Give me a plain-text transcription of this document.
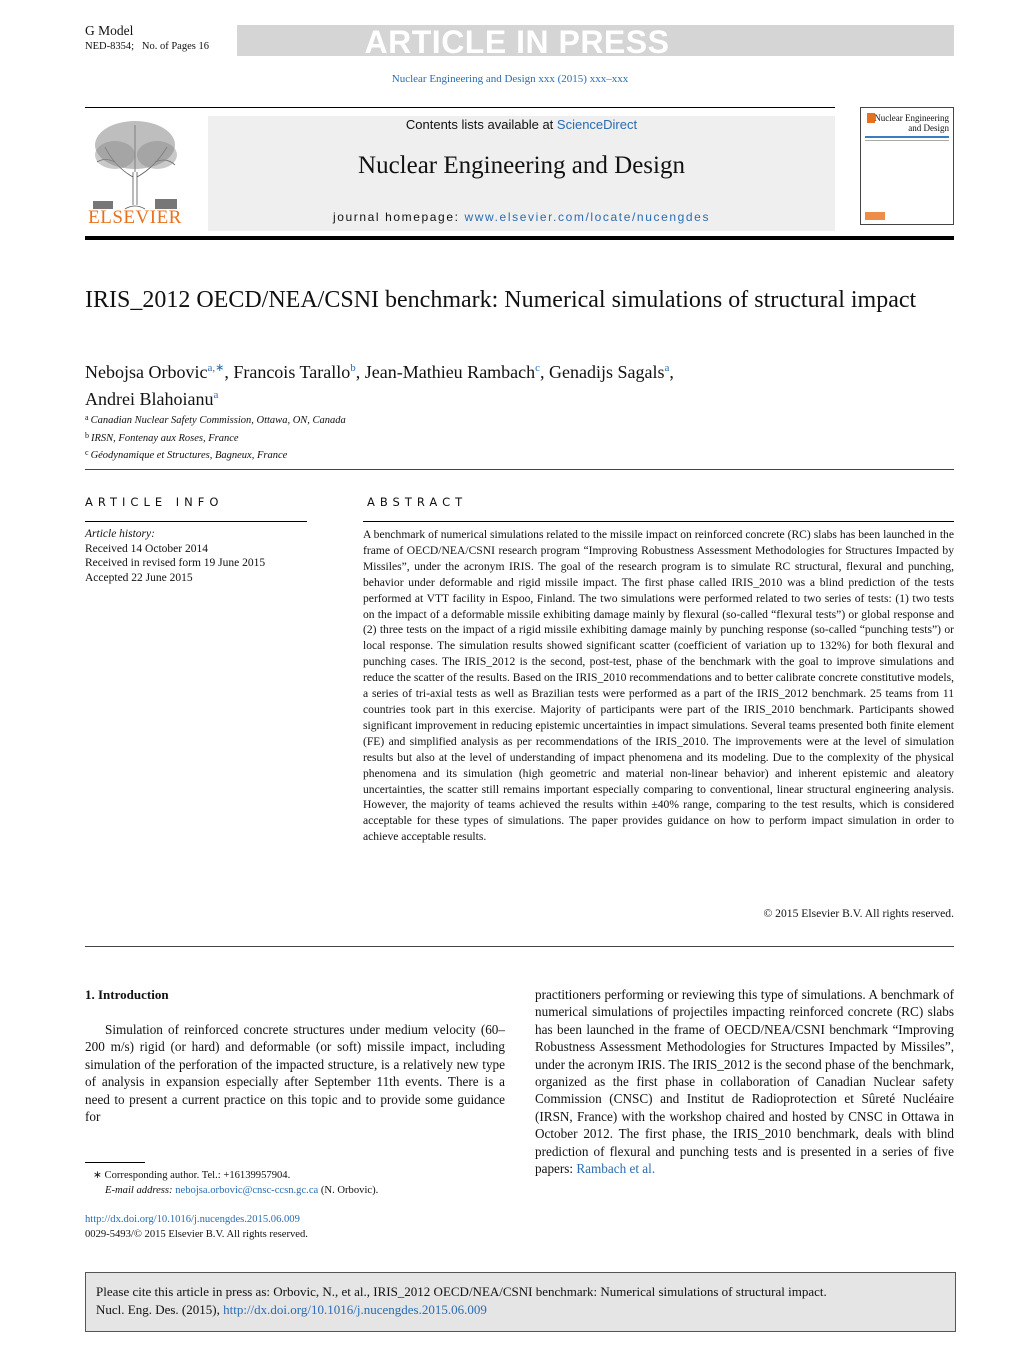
G Model
NED-8354; No. of Pages 16	ARTICLE IN PRESS
Nuclear Engineering and Design xxx (2015) xxx–xxx
ELSEVIER
Contents lists available at ScienceDirect
Nuclear Engineering and Design
journal homepage: www.elsevier.com/locate/nucengdes
Nuclear Engineering
and Design
IRIS_2012 OECD/NEA/CSNI benchmark: Numerical simulations of structural impact
Nebojsa Orbovic$^{a,∗}$, Francois Tarallo$^b$, Jean-Mathieu Rambach$^c$, Genadijs Sagals$^a$,
Andrei Blahoianu$^a$
$^a$ Canadian Nuclear Safety Commission, Ottawa, ON, Canada
$^b$ IRSN, Fontenay aux Roses, France
$^c$ Géodynamique et Structures, Bagneux, France
ARTICLE INFO
Article history:
Received 14 October 2014
Received in revised form 19 June 2015
Accepted 22 June 2015
ABSTRACT
A benchmark of numerical simulations related to the missile impact on reinforced concrete (RC) slabs has been launched in the frame of OECD/NEA/CSNI research program “Improving Robustness Assessment Methodologies for Structures Impacted by Missiles”, under the acronym IRIS. The goal of the research program is to simulate RC structural, flexural and punching, behavior under deformable and rigid missile impact. The first phase called IRIS_2010 was a blind prediction of the tests performed at VTT facility in Espoo, Finland. The two simulations were performed related to two series of tests: (1) two tests on the impact of a deformable missile exhibiting damage mainly by flexural (so-called “flexural tests”) or global response and (2) three tests on the impact of a rigid missile exhibiting damage mainly by punching response (so-called “punching tests”) or local response. The simulation results showed significant scatter (coefficient of variation up to 132%) for both flexural and punching cases. The IRIS_2012 is the second, post-test, phase of the benchmark with the goal to improve simulations and reduce the scatter of the results. Based on the IRIS_2010 recommendations and to better calibrate concrete constitutive models, a series of tri-axial tests as well as Brazilian tests were performed as a part of the IRIS_2012 benchmark. 25 teams from 11 countries took part in this exercise. Majority of participants were part of the IRIS_2010 benchmark. Participants showed significant improvement in reducing epistemic uncertainties in impact simulations. Several teams presented both finite element (FE) and simplified analysis as per recommendations of the IRIS_2010. The improvements were at the level of simulation results but also at the level of understanding of impact phenomena and its modeling. Due to the complexity of the physical phenomena and its simulation (high geometric and material non-linear behavior) and inherent epistemic and aleatory uncertainties, the scatter still remains important especially comparing to conventional, linear structural engineering analysis. However, the majority of teams achieved the results within ±40% range, comparing to the test results, which is considered acceptable for these types of simulations. The paper provides guidance on how to perform impact simulation in order to achieve acceptable results.
© 2015 Elsevier B.V. All rights reserved.
1. Introduction
Simulation of reinforced concrete structures under medium velocity (60–200 m/s) rigid (or hard) and deformable (or soft) missile impact, including simulation of the perforation of the impacted structure, is a relatively new type of analysis in expansion especially after September 11th events. There is a need to present a current practice on this topic and to provide some guidance for
practitioners performing or reviewing this type of simulations. A benchmark of numerical simulations of projectiles impacting reinforced concrete (RC) slabs has been launched in the frame of OECD/NEA/CSNI benchmark “Improving Robustness Assessment Methodologies for Structures Impacted by Missiles”, under the acronym IRIS. The IRIS_2012 is the second phase of the benchmark, organized as the first phase in collaboration of Canadian Nuclear safety Commission (CNSC) and Institut de Radioprotection et Sûreté Nucléaire (IRSN, France) with the workshop chaired and hosted by CNSC in Ottawa in October 2012. The first phase, the IRIS_2010 benchmark, deals with blind prediction of flexural and punching tests and is presented in a series of five papers: Rambach et al.
∗ Corresponding author. Tel.: +16139957904.
E-mail address: nebojsa.orbovic@cnsc-ccsn.gc.ca (N. Orbovic).
http://dx.doi.org/10.1016/j.nucengdes.2015.06.009
0029-5493/© 2015 Elsevier B.V. All rights reserved.
Please cite this article in press as: Orbovic, N., et al., IRIS_2012 OECD/NEA/CSNI benchmark: Numerical simulations of structural impact.
Nucl. Eng. Des. (2015), http://dx.doi.org/10.1016/j.nucengdes.2015.06.009
